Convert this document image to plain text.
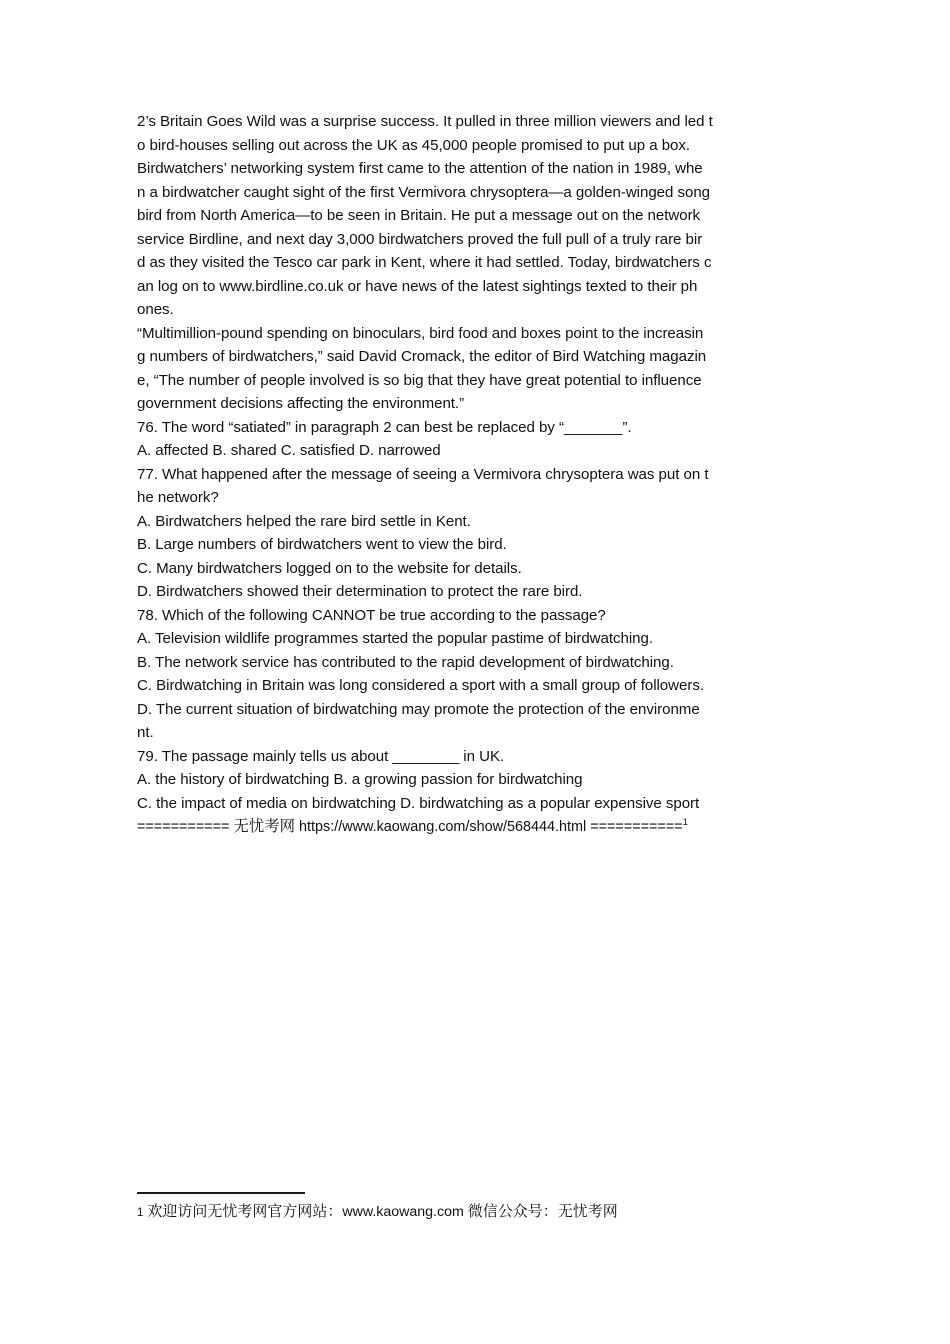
2’s Britain Goes Wild was a surprise success. It pulled in three million viewers and led t

o bird-houses selling out across the UK as 45,000 people promised to put up a box.

Birdwatchers’ networking system first came to the attention of the nation in 1989, whe

n a birdwatcher caught sight of the first Vermivora chrysoptera—a golden-winged song

bird from North America—to be seen in Britain. He put a message out on the network

service Birdline, and next day 3,000 birdwatchers proved the full pull of a truly rare bir

d as they visited the Tesco car park in Kent, where it had settled. Today, birdwatchers c

an log on to www.birdline.co.uk or have news of the latest sightings texted to their ph

ones.

“Multimillion-pound spending on binoculars, bird food and boxes point to the increasin

g numbers of birdwatchers,” said David Cromack, the editor of Bird Watching magazin

e, “The number of people involved is so big that they have great potential to influence

government decisions affecting the environment.”

76. The word “satiated” in paragraph 2 can best be replaced by “_______”.

A. affected B. shared C. satisfied D. narrowed

77. What happened after the message of seeing a Vermivora chrysoptera was put on t

he network?

A. Birdwatchers helped the rare bird settle in Kent.

B. Large numbers of birdwatchers went to view the bird.

C. Many birdwatchers logged on to the website for details.

D. Birdwatchers showed their determination to protect the rare bird.

78. Which of the following CANNOT be true according to the passage?

A. Television wildlife programmes started the popular pastime of birdwatching.

B. The network service has contributed to the rapid development of birdwatching.

C. Birdwatching in Britain was long considered a sport with a small group of followers.

D. The current situation of birdwatching may promote the protection of the environme

nt.

79. The passage mainly tells us about ________ in UK.

A. the history of birdwatching B. a growing passion for birdwatching

C. the impact of media on birdwatching D. birdwatching as a popular expensive sport

=========== 无忧考网 https://www.kaowang.com/show/568444.html ===========$^1$

1 欢迎访问无忧考网官方网站：www.kaowang.com 微信公众号：无忧考网
